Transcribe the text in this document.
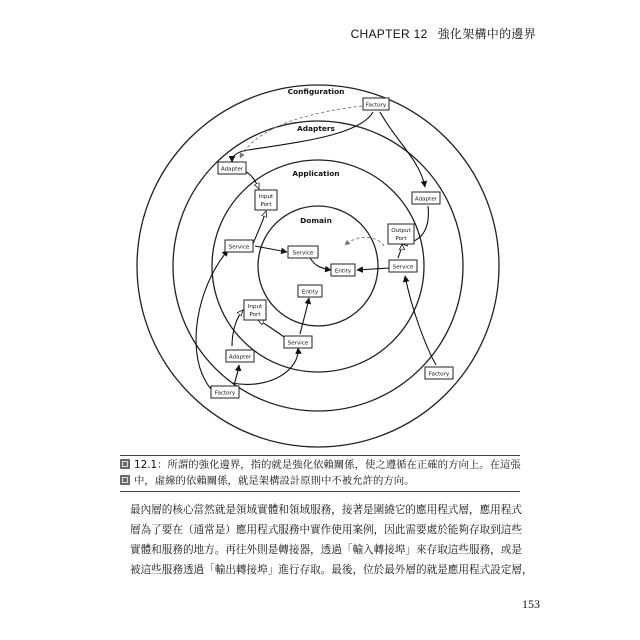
CHAPTER 12 強化架構中的邊界
Configuration
Adapters
Application
Domain
Factory
Adapter
Input
Port
Adapter
Service
Service
Output
Port
Service
Entity
Entity
Input
Port
Service
Adapter
Factory
Factory
12.1：所謂的強化邊界，指的就是強化依賴關係，使之遵循在正確的方向上。在這張
中，虛線的依賴關係，就是架構設計原則中不被允許的方向。
最內層的核心當然就是領域實體和領域服務，接著是圍繞它的應用程式層，應用程式
層為了要在（通常是）應用程式服務中實作使用案例，因此需要處於能夠存取到這些
實體和服務的地方。再往外則是轉接器，透過「輸入轉接埠」來存取這些服務，或是
被這些服務透過「輸出轉接埠」進行存取。最後，位於最外層的就是應用程式設定層，
153
